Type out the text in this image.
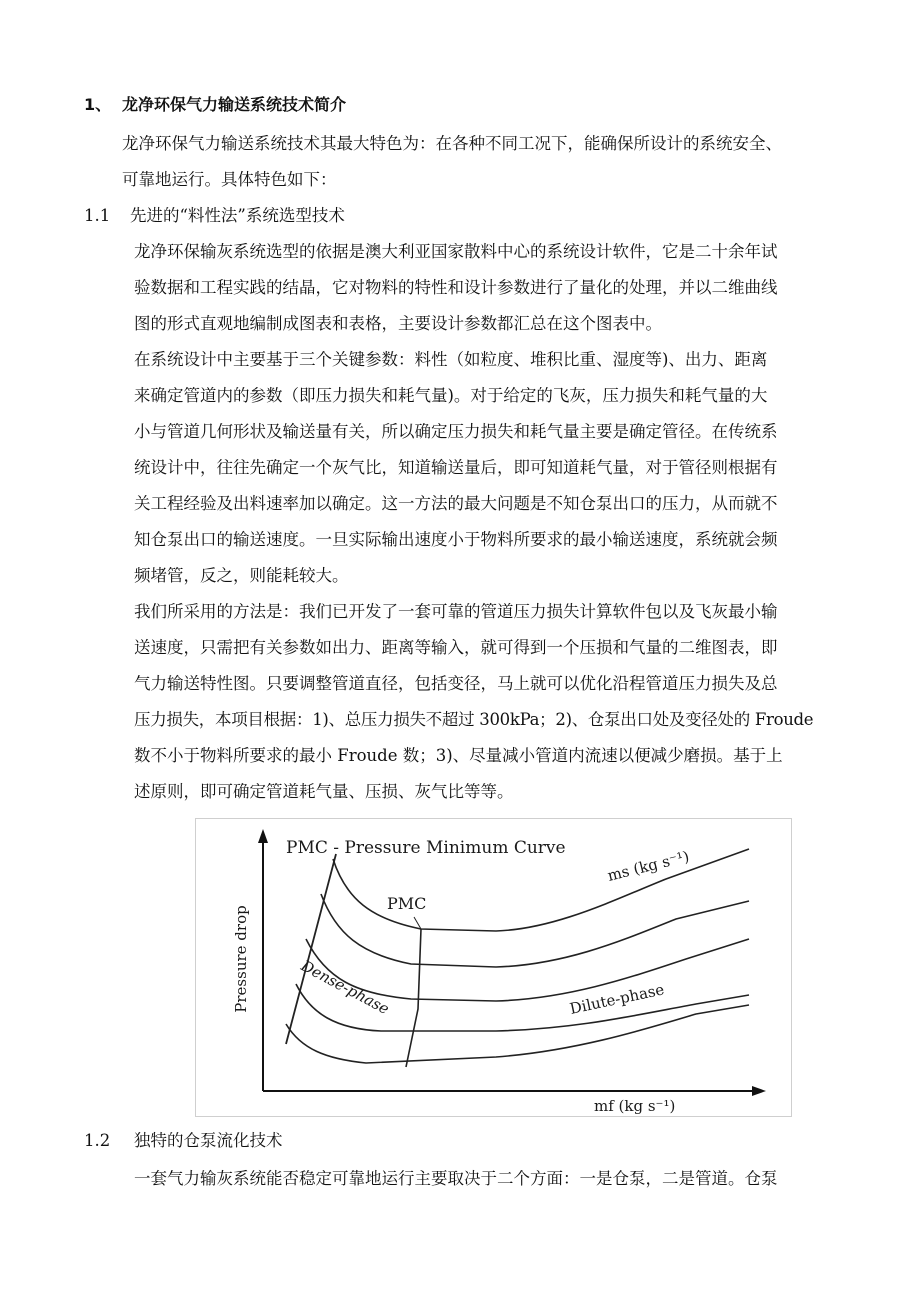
1、 龙净环保气力输送系统技术简介
龙净环保气力输送系统技术其最大特色为：在各种不同工况下，能确保所设计的系统安全、
可靠地运行。具体特色如下：
1.1 先进的“料性法”系统选型技术
龙净环保输灰系统选型的依据是澳大利亚国家散料中心的系统设计软件，它是二十余年试
验数据和工程实践的结晶，它对物料的特性和设计参数进行了量化的处理，并以二维曲线
图的形式直观地编制成图表和表格，主要设计参数都汇总在这个图表中。
在系统设计中主要基于三个关键参数：料性（如粒度、堆积比重、湿度等)、出力、距离
来确定管道内的参数（即压力损失和耗气量)。对于给定的飞灰，压力损失和耗气量的大
小与管道几何形状及输送量有关，所以确定压力损失和耗气量主要是确定管径。在传统系
统设计中，往往先确定一个灰气比，知道输送量后，即可知道耗气量，对于管径则根据有
关工程经验及出料速率加以确定。这一方法的最大问题是不知仓泵出口的压力，从而就不
知仓泵出口的输送速度。一旦实际输出速度小于物料所要求的最小输送速度，系统就会频
频堵管，反之，则能耗较大。
我们所采用的方法是：我们已开发了一套可靠的管道压力损失计算软件包以及飞灰最小输
送速度，只需把有关参数如出力、距离等输入，就可得到一个压损和气量的二维图表，即
气力输送特性图。只要调整管道直径，包括变径，马上就可以优化沿程管道压力损失及总
压力损失，本项目根据：1)、总压力损失不超过 300kPa；2)、仓泵出口处及变径处的 Froude
数不小于物料所要求的最小 Froude 数；3)、尽量减小管道内流速以便减少磨损。基于上
述原则，即可确定管道耗气量、压损、灰气比等等。
PMC - Pressure Minimum Curve
Pressure drop
mf (kg s⁻¹)
ms (kg s⁻¹)
PMC
Dense-phase	Dilute-phase
1.2 独特的仓泵流化技术
一套气力输灰系统能否稳定可靠地运行主要取决于二个方面：一是仓泵，二是管道。仓泵
